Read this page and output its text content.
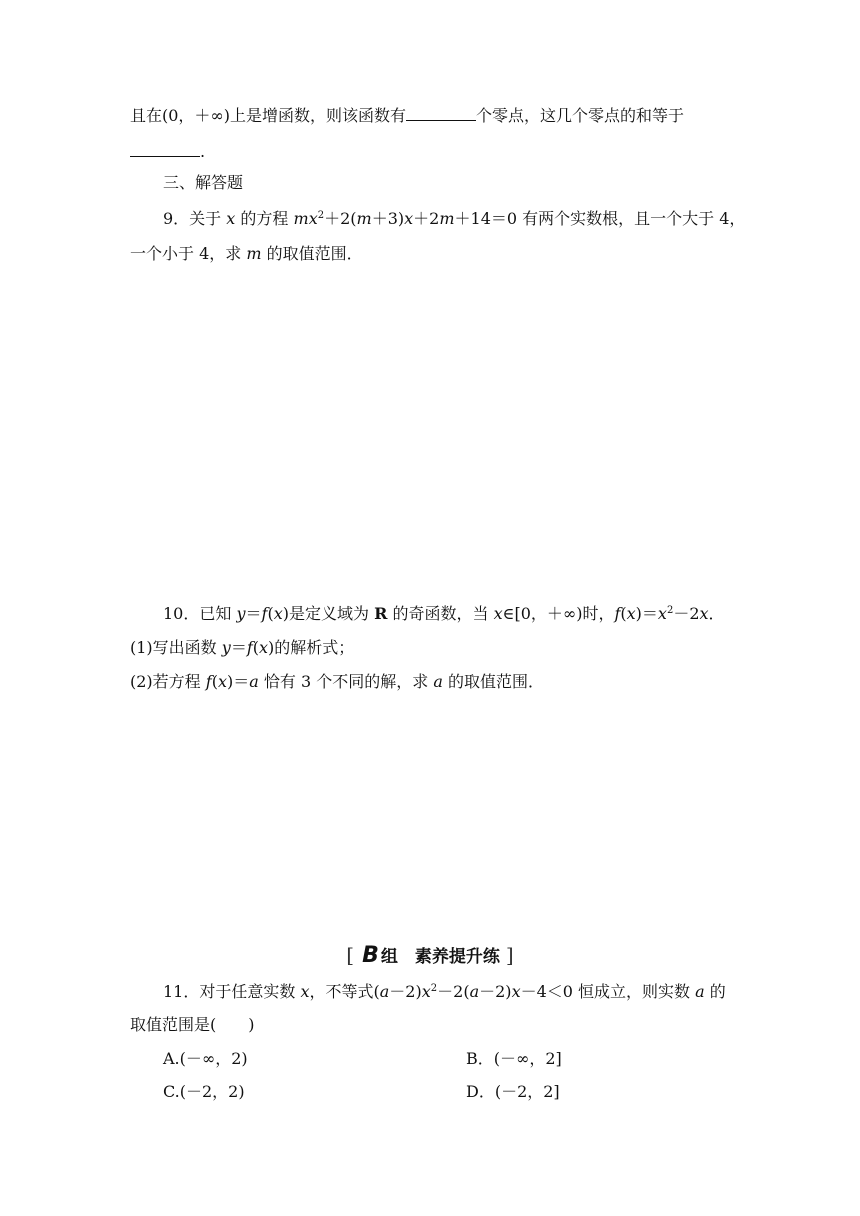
且在(0，＋∞)上是增函数，则该函数有	个零点，这几个零点的和等于
.
三、解答题
9．关于 x 的方程 $mx^2+2(m+3)x+2m+14=0$ 有两个实数根，且一个大于 4，
一个小于 4，求 m 的取值范围．
10．已知 y＝f(x)是定义域为 R 的奇函数，当 x∈[0，＋∞)时，$f(x)=x^2-2x$．
(1)写出函数 y＝f(x)的解析式；
(2)若方程 f(x)＝a 恰有 3 个不同的解，求 a 的取值范围．
[ B 组　素养提升练 ]
11．对于任意实数 x，不等式$(a-2)x^2-2(a-2)x-4<0$ 恒成立，则实数 a 的
取值范围是(　　)
A.(－∞，2)	B．(－∞，2]
C.(－2，2)	D．(－2，2]
